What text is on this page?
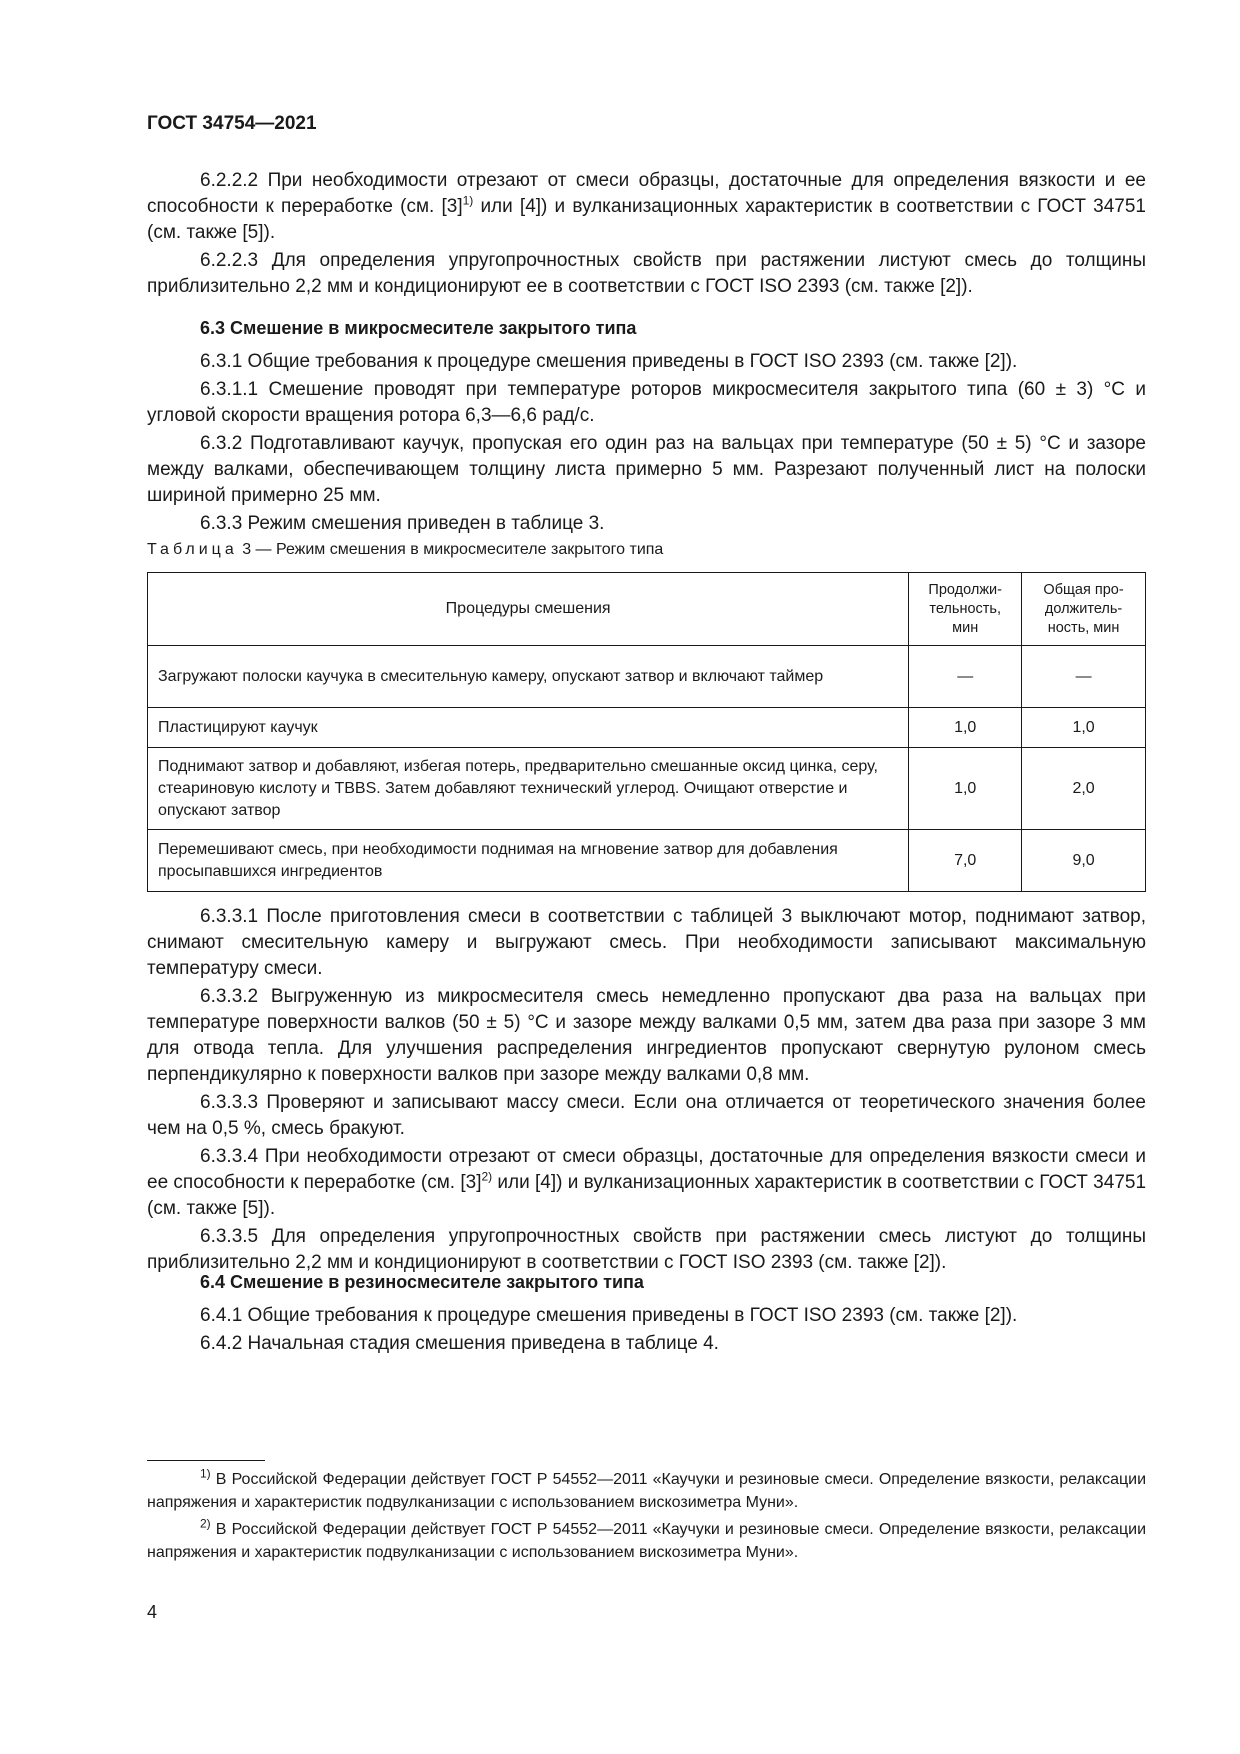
ГОСТ 34754—2021

6.2.2.2 При необходимости отрезают от смеси образцы, достаточные для определения вязкости и ее способности к переработке (см. $[3]^{1)}$ или [4]) и вулканизационных характеристик в соответствии с ГОСТ 34751 (см. также [5]).

6.2.2.3 Для определения упругопрочностных свойств при растяжении листуют смесь до толщины приблизительно 2,2 мм и кондиционируют ее в соответствии с ГОСТ ISO 2393 (см. также [2]).

6.3 Смешение в микросмесителе закрытого типа

6.3.1 Общие требования к процедуре смешения приведены в ГОСТ ISO 2393 (см. также [2]).

6.3.1.1 Смешение проводят при температуре роторов микросмесителя закрытого типа (60 ± 3) °С и угловой скорости вращения ротора 6,3—6,6 рад/с.

6.3.2 Подготавливают каучук, пропуская его один раз на вальцах при температуре (50 ± 5) °С и зазоре между валками, обеспечивающем толщину листа примерно 5 мм. Разрезают полученный лист на полоски шириной примерно 25 мм.

6.3.3 Режим смешения приведен в таблице 3.

Таблица 3 — Режим смешения в микросмесителе закрытого типа
Процедуры смешения	Продолжи-тельность, мин	Общая про-должитель-ность, мин
Загружают полоски каучука в смесительную камеру, опускают затвор и включают таймер	—	—
Пластицируют каучук	1,0	1,0
Поднимают затвор и добавляют, избегая потерь, предварительно смешанные оксид цинка, серу, стеариновую кислоту и TBBS. Затем добавляют технический углерод. Очищают отверстие и опускают затвор	1,0	2,0
Перемешивают смесь, при необходимости поднимая на мгновение затвор для добавления просыпавшихся ингредиентов	7,0	9,0

6.3.3.1 После приготовления смеси в соответствии с таблицей 3 выключают мотор, поднимают затвор, снимают смесительную камеру и выгружают смесь. При необходимости записывают максимальную температуру смеси.

6.3.3.2 Выгруженную из микросмесителя смесь немедленно пропускают два раза на вальцах при температуре поверхности валков (50 ± 5) °С и зазоре между валками 0,5 мм, затем два раза при зазоре 3 мм для отвода тепла. Для улучшения распределения ингредиентов пропускают свернутую рулоном смесь перпендикулярно к поверхности валков при зазоре между валками 0,8 мм.

6.3.3.3 Проверяют и записывают массу смеси. Если она отличается от теоретического значения более чем на 0,5 %, смесь бракуют.

6.3.3.4 При необходимости отрезают от смеси образцы, достаточные для определения вязкости смеси и ее способности к переработке (см. $[3]^{2)}$ или [4]) и вулканизационных характеристик в соответствии с ГОСТ 34751 (см. также [5]).

6.3.3.5 Для определения упругопрочностных свойств при растяжении смесь листуют до толщины приблизительно 2,2 мм и кондиционируют в соответствии с ГОСТ ISO 2393 (см. также [2]).

6.4 Смешение в резиносмесителе закрытого типа

6.4.1 Общие требования к процедуре смешения приведены в ГОСТ ISO 2393 (см. также [2]).

6.4.2 Начальная стадия смешения приведена в таблице 4.

$^{1)}$ В Российской Федерации действует ГОСТ Р 54552—2011 «Каучуки и резиновые смеси. Определение вязкости, релаксации напряжения и характеристик подвулканизации с использованием вискозиметра Муни».

$^{2)}$ В Российской Федерации действует ГОСТ Р 54552—2011 «Каучуки и резиновые смеси. Определение вязкости, релаксации напряжения и характеристик подвулканизации с использованием вискозиметра Муни».

4
